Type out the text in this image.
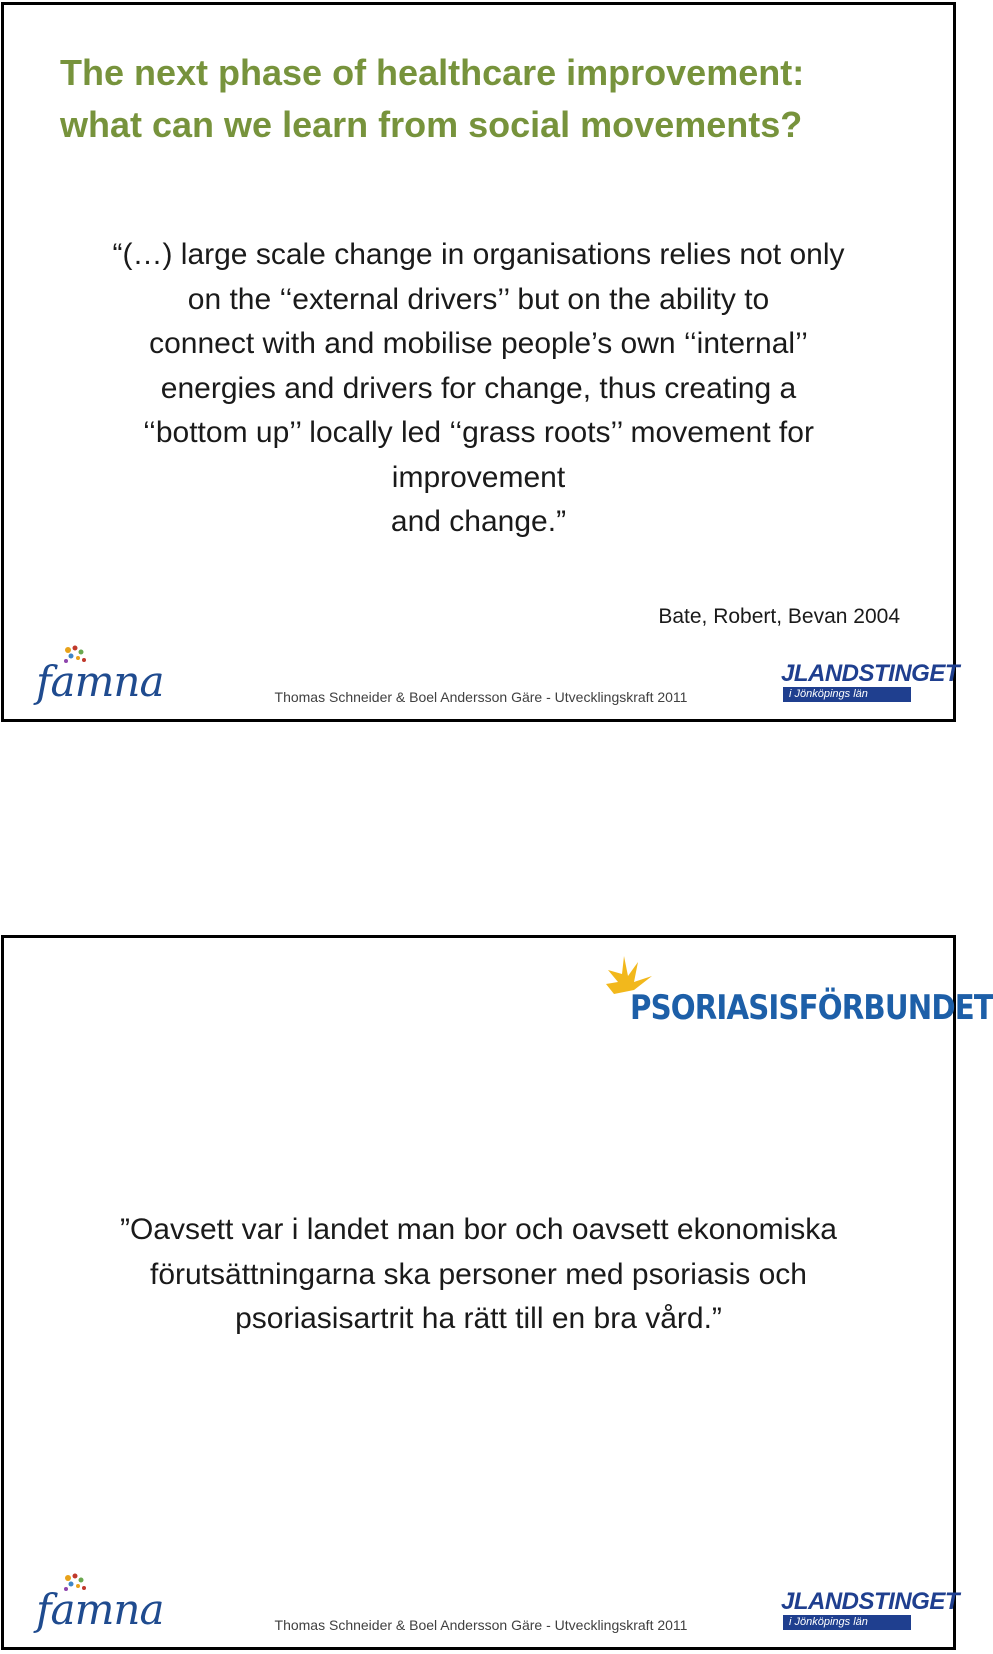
The next phase of healthcare improvement:
what can we learn from social movements?
“(…) large scale change in organisations relies not only
on the ‘‘external drivers’’ but on the ability to
connect with and mobilise people’s own ‘‘internal’’
energies and drivers for change, thus creating a
‘‘bottom up’’ locally led ‘‘grass roots’’ movement for
improvement
and change.”
Bate, Robert, Bevan 2004
famna	Thomas Schneider & Boel Andersson Gäre - Utvecklingskraft 2011
JLANDSTINGET
i Jönköpings län
PSORIASISFÖRBUNDET
”Oavsett var i landet man bor och oavsett ekonomiska
förutsättningarna ska personer med psoriasis och
psoriasisartrit ha rätt till en bra vård.”
famna	Thomas Schneider & Boel Andersson Gäre - Utvecklingskraft 2011
JLANDSTINGET
i Jönköpings län
